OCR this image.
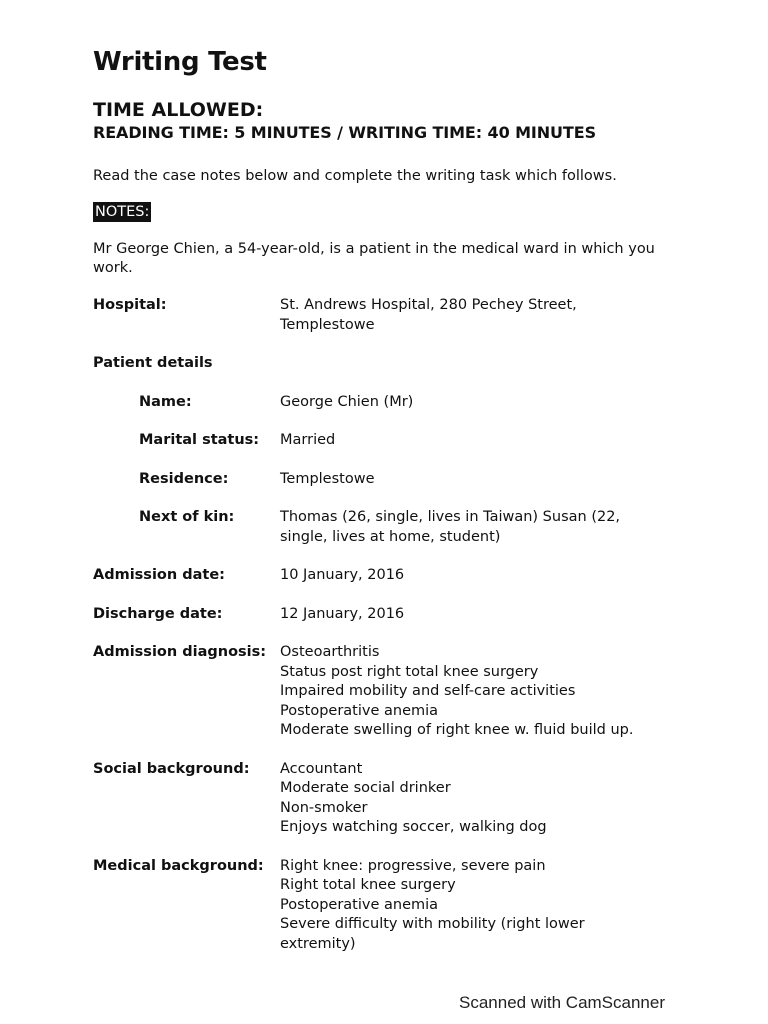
Writing Test
TIME ALLOWED:
READING TIME: 5 MINUTES / WRITING TIME: 40 MINUTES
Read the case notes below and complete the writing task which follows.
NOTES:
Mr George Chien, a 54-year-old, is a patient in the medical ward in which you work.
Hospital:	St. Andrews Hospital, 280 Pechey Street,
Templestowe
Patient details
Name:	George Chien (Mr)
Marital status:	Married
Residence:	Templestowe
Next of kin:	Thomas (26, single, lives in Taiwan) Susan (22,
single, lives at home, student)
Admission date:	10 January, 2016
Discharge date:	12 January, 2016
Admission diagnosis: Osteoarthritis
Status post right total knee surgery
Impaired mobility and self-care activities
Postoperative anemia
Moderate swelling of right knee w. fluid build up.
Social background:	Accountant
Moderate social drinker
Non-smoker
Enjoys watching soccer, walking dog
Medical background:	Right knee: progressive, severe pain
Right total knee surgery
Postoperative anemia
Severe difficulty with mobility (right lower
extremity)
Scanned with CamScanner
